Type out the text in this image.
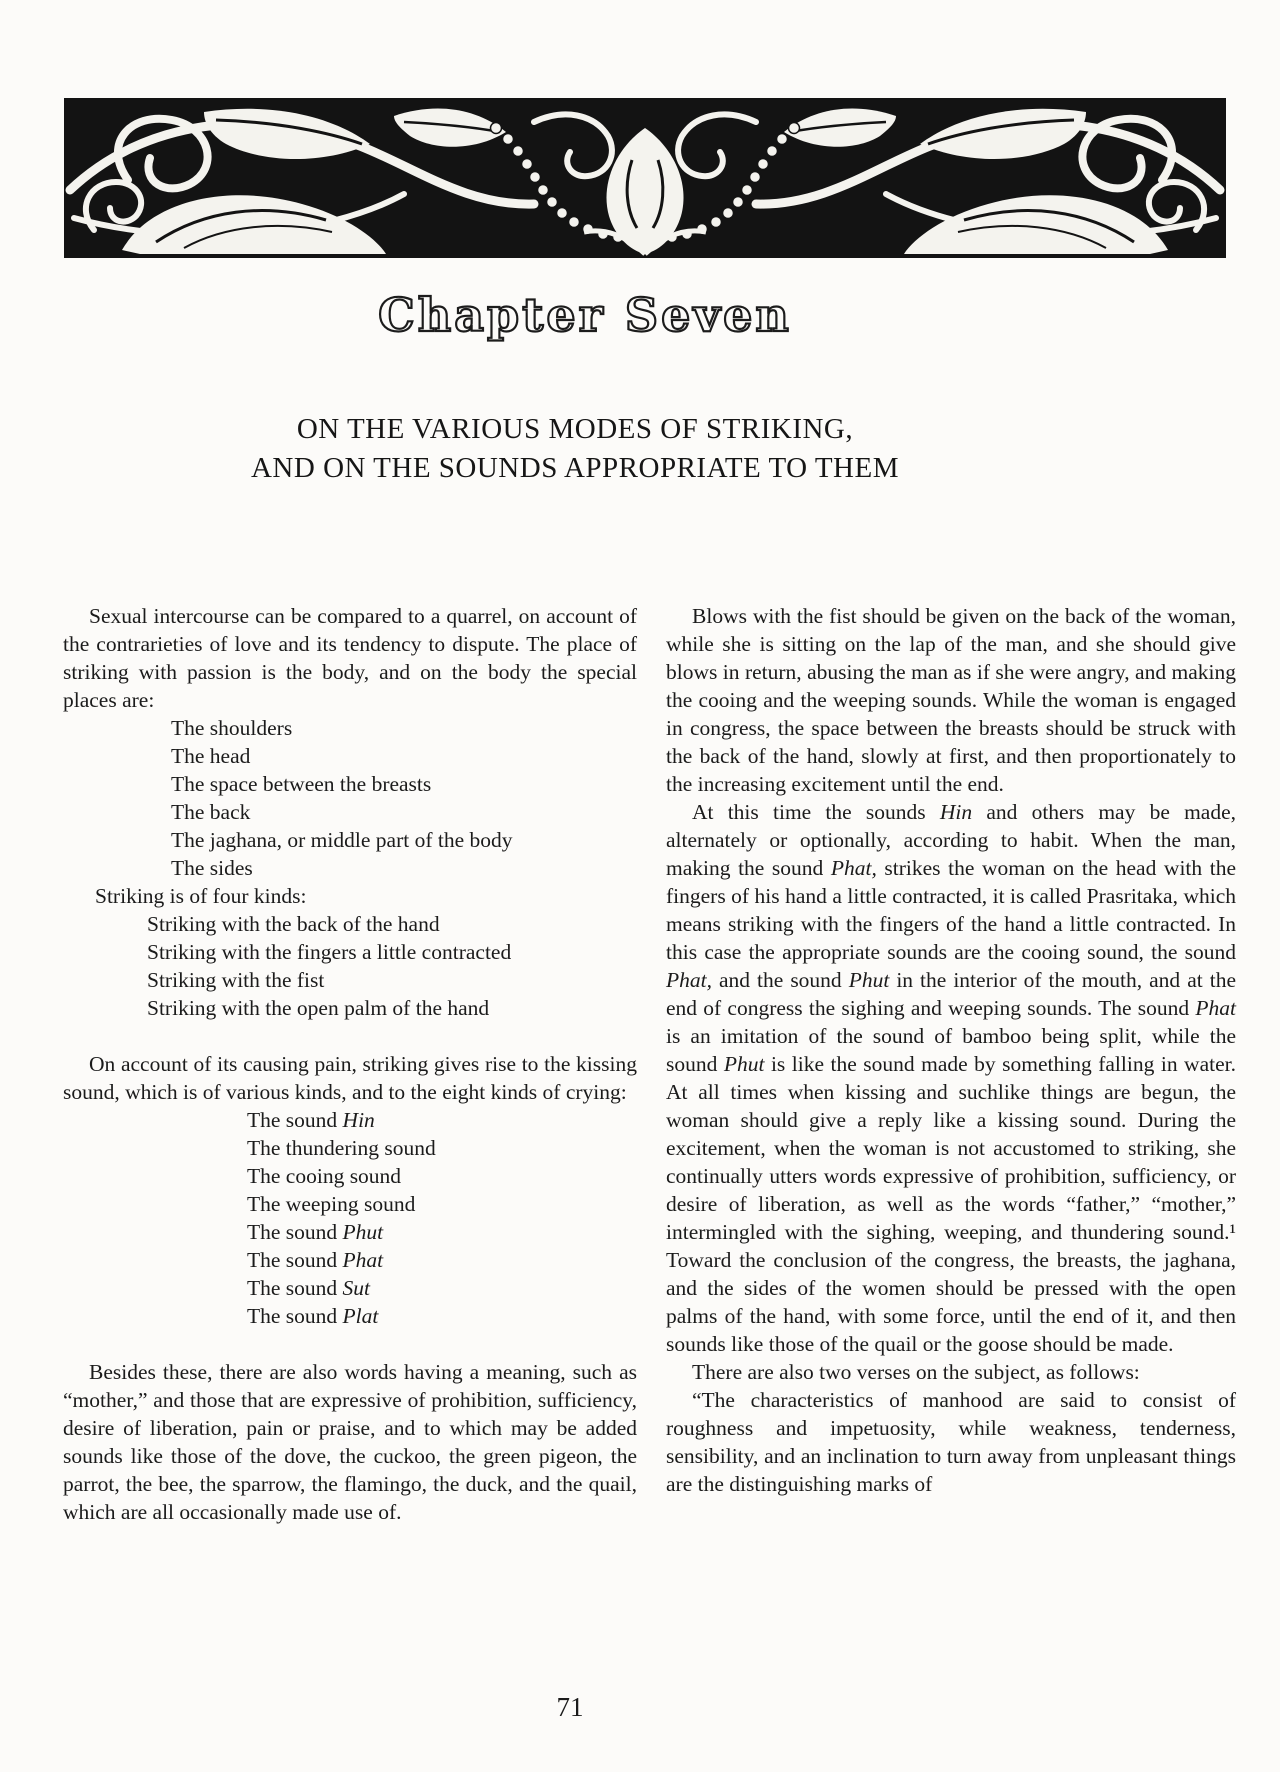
Chapter Seven
ON THE VARIOUS MODES OF STRIKING,
AND ON THE SOUNDS APPROPRIATE TO THEM

Sexual intercourse can be compared to a quarrel, on account of the contrarieties of love and its tendency to dispute. The place of striking with passion is the body, and on the body the special places are:

The shoulders
The head
The space between the breasts
The back
The jaghana, or middle part of the body
The sides

Striking is of four kinds:

Striking with the back of the hand
Striking with the fingers a little contracted
Striking with the fist
Striking with the open palm of the hand

On account of its causing pain, striking gives rise to the kissing sound, which is of various kinds, and to the eight kinds of crying:

The sound Hin
The thundering sound
The cooing sound
The weeping sound
The sound Phut
The sound Phat
The sound Sut
The sound Plat

Besides these, there are also words having a meaning, such as “mother,” and those that are expressive of prohibition, sufficiency, desire of liberation, pain or praise, and to which may be added sounds like those of the dove, the cuckoo, the green pigeon, the parrot, the bee, the sparrow, the flamingo, the duck, and the quail, which are all occasionally made use of.

Blows with the fist should be given on the back of the woman, while she is sitting on the lap of the man, and she should give blows in return, abusing the man as if she were angry, and making the cooing and the weeping sounds. While the woman is engaged in congress, the space between the breasts should be struck with the back of the hand, slowly at first, and then proportionately to the increasing excitement until the end.

At this time the sounds Hin and others may be made, alternately or optionally, according to habit. When the man, making the sound Phat, strikes the woman on the head with the fingers of his hand a little contracted, it is called Prasritaka, which means striking with the fingers of the hand a little contracted. In this case the appropriate sounds are the cooing sound, the sound Phat, and the sound Phut in the interior of the mouth, and at the end of congress the sighing and weeping sounds. The sound Phat is an imitation of the sound of bamboo being split, while the sound Phut is like the sound made by something falling in water. At all times when kissing and suchlike things are begun, the woman should give a reply like a kissing sound. During the excitement, when the woman is not accustomed to striking, she continually utters words expressive of prohibition, sufficiency, or desire of liberation, as well as the words “father,” “mother,” intermingled with the sighing, weeping, and thundering sound.¹ Toward the conclusion of the congress, the breasts, the jaghana, and the sides of the women should be pressed with the open palms of the hand, with some force, until the end of it, and then sounds like those of the quail or the goose should be made.

There are also two verses on the subject, as follows:

“The characteristics of manhood are said to consist of roughness and impetuosity, while weakness, tenderness, sensibility, and an inclination to turn away from unpleasant things are the distinguishing marks of

71
